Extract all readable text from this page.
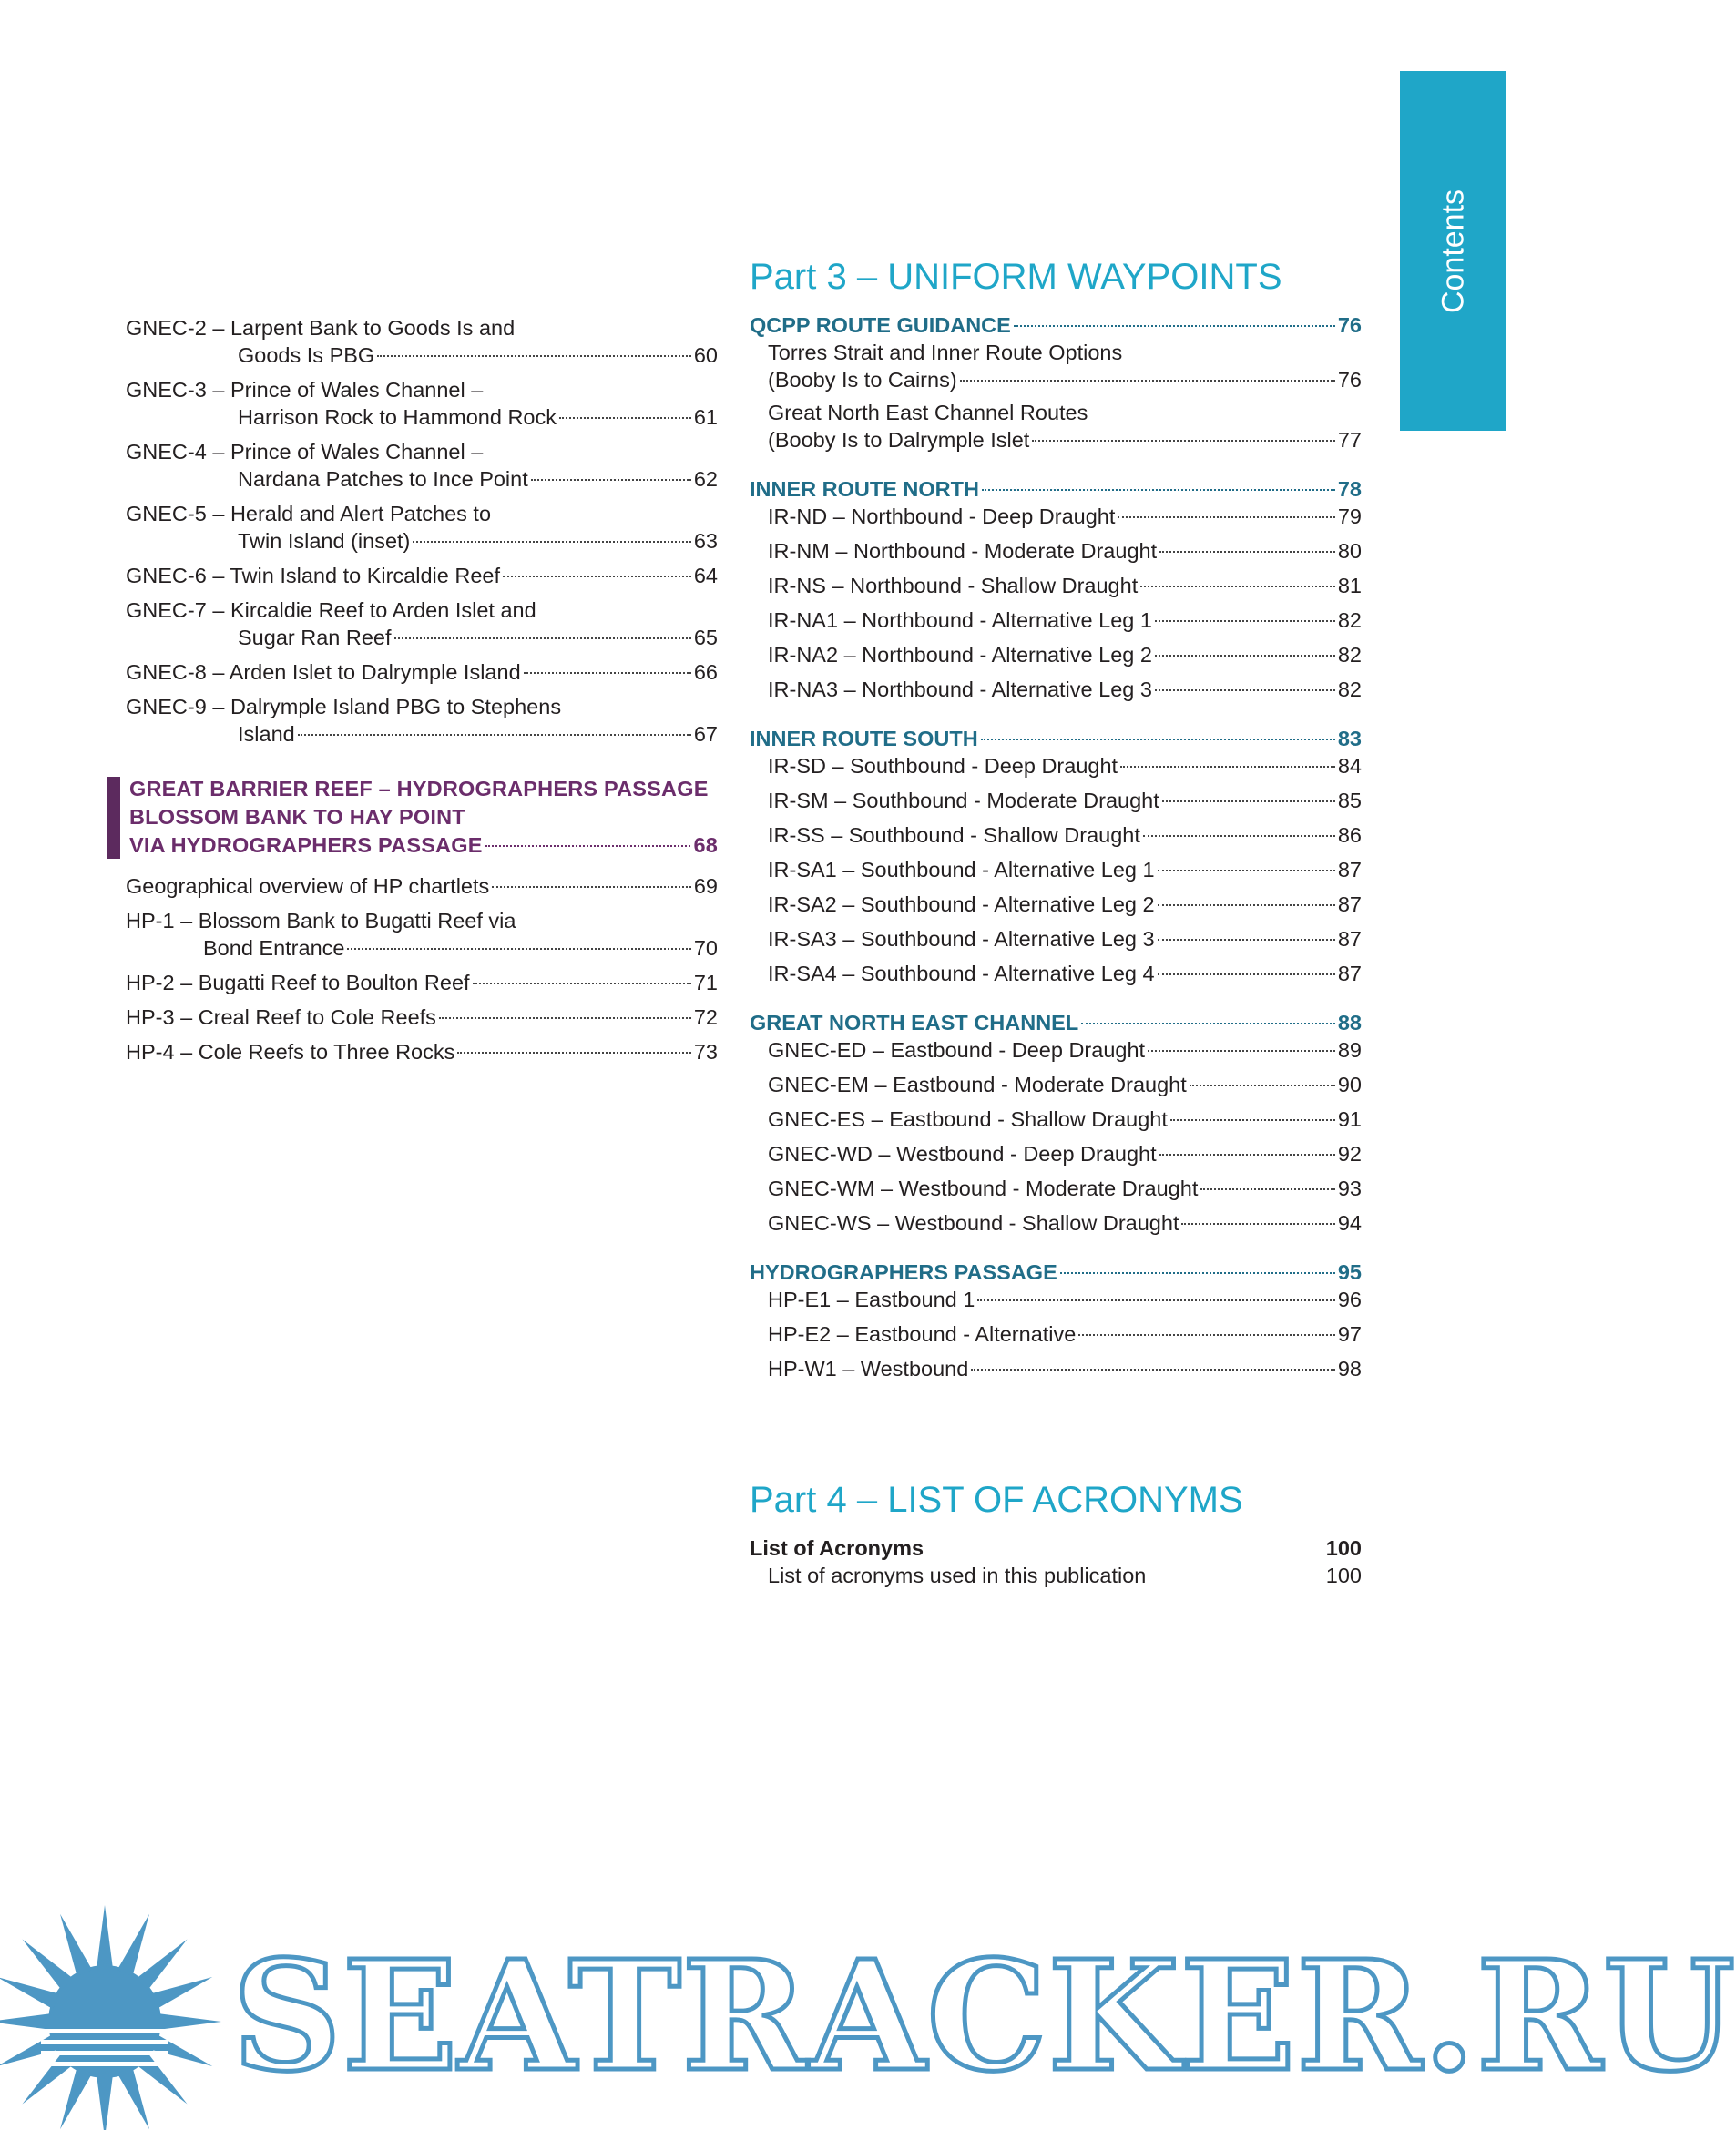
Contents
GNEC-2 – Larpent Bank to Goods Is and
Goods Is PBG	60
GNEC-3 – Prince of Wales Channel –
Harrison Rock to Hammond Rock	61
GNEC-4 – Prince of Wales Channel –
Nardana Patches to Ince Point	62
GNEC-5 – Herald and Alert Patches to
Twin Island (inset)	63
GNEC-6 – Twin Island to Kircaldie Reef	64
GNEC-7 – Kircaldie Reef to Arden Islet and
Sugar Ran Reef	65
GNEC-8 – Arden Islet to Dalrymple Island	66
GNEC-9 – Dalrymple Island PBG to Stephens
Island	67
GREAT BARRIER REEF – HYDROGRAPHERS PASSAGE
BLOSSOM BANK TO HAY POINT
VIA HYDROGRAPHERS PASSAGE	68
Geographical overview of HP chartlets	69
HP-1 – Blossom Bank to Bugatti Reef via
Bond Entrance	70
HP-2 – Bugatti Reef to Boulton Reef	71
HP-3 – Creal Reef to Cole Reefs	72
HP-4 – Cole Reefs to Three Rocks	73
Part 3 – UNIFORM WAYPOINTS
QCPP ROUTE GUIDANCE	76
Torres Strait and Inner Route Options
(Booby Is to Cairns)	76
Great North East Channel Routes
(Booby Is to Dalrymple Islet	77
INNER ROUTE NORTH	78
IR-ND – Northbound - Deep Draught	79
IR-NM – Northbound - Moderate Draught	80
IR-NS – Northbound - Shallow Draught	81
IR-NA1 – Northbound - Alternative Leg 1	82
IR-NA2 – Northbound - Alternative Leg 2	82
IR-NA3 – Northbound - Alternative Leg 3	82
INNER ROUTE SOUTH	83
IR-SD – Southbound - Deep Draught	84
IR-SM – Southbound - Moderate Draught	85
IR-SS – Southbound - Shallow Draught	86
IR-SA1 – Southbound - Alternative Leg 1	87
IR-SA2 – Southbound - Alternative Leg 2	87
IR-SA3 – Southbound - Alternative Leg 3	87
IR-SA4 – Southbound - Alternative Leg 4	87
GREAT NORTH EAST CHANNEL	88
GNEC-ED – Eastbound - Deep Draught	89
GNEC-EM – Eastbound - Moderate Draught	90
GNEC-ES – Eastbound - Shallow Draught	91
GNEC-WD – Westbound - Deep Draught	92
GNEC-WM – Westbound - Moderate Draught	93
GNEC-WS – Westbound - Shallow Draught	94
HYDROGRAPHERS PASSAGE	95
HP-E1 – Eastbound 1	96
HP-E2 – Eastbound - Alternative	97
HP-W1 – Westbound	98
Part 4 – LIST OF ACRONYMS
List of Acronyms	100
List of acronyms used in this publication	100
SEATRACKER.RU
